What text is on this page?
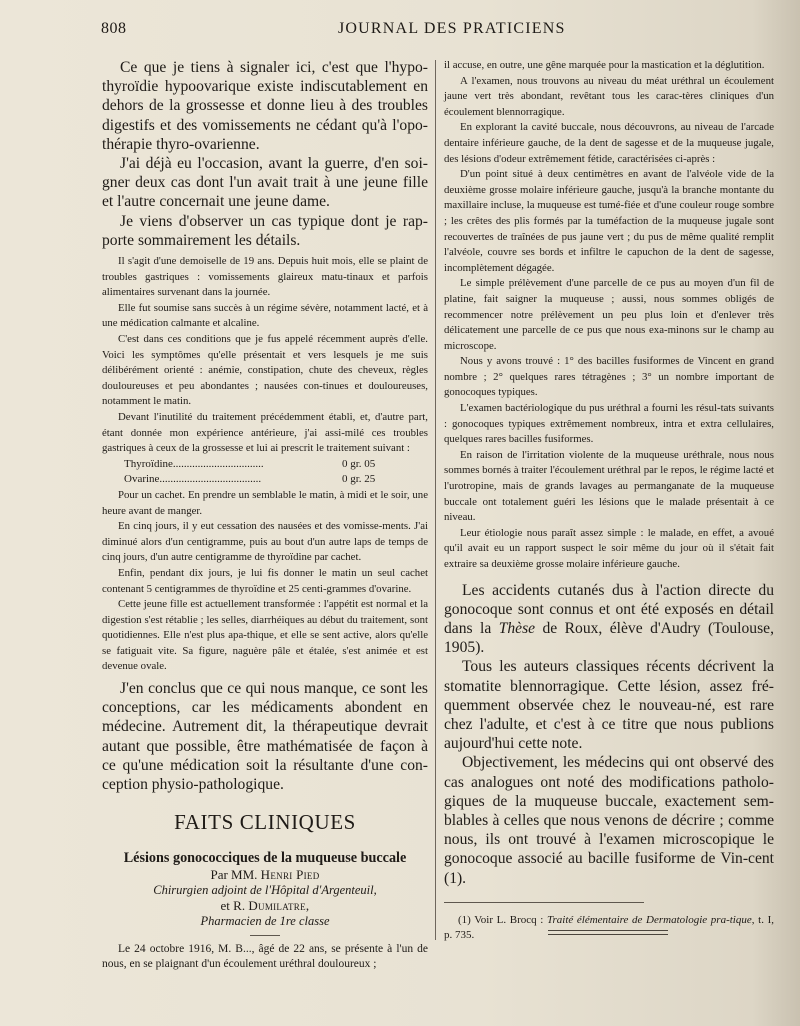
808	JOURNAL DES PRATICIENS

Ce que je tiens à signaler ici, c'est que l'hypo-thyroïdie hypoovarique existe indiscutablement en dehors de la grossesse et donne lieu à des troubles digestifs et des vomissements ne cédant qu'à l'opo-thérapie thyro-ovarienne.

J'ai déjà eu l'occasion, avant la guerre, d'en soi-gner deux cas dont l'un avait trait à une jeune fille et l'autre concernait une jeune dame.

Je viens d'observer un cas typique dont je rap-porte sommairement les détails.

Il s'agit d'une demoiselle de 19 ans. Depuis huit mois, elle se plaint de troubles gastriques : vomissements glaireux matu-tinaux et parfois alimentaires survenant dans la journée.

Elle fut soumise sans succès à un régime sévère, notamment lacté, et à une médication calmante et alcaline.

C'est dans ces conditions que je fus appelé récemment auprès d'elle. Voici les symptômes qu'elle présentait et vers lesquels je me suis délibérément orienté : anémie, constipation, chute des cheveux, règles douloureuses et peu abondantes ; nausées con-tinues et douloureuses, notamment le matin.

Devant l'inutilité du traitement précédemment établi, et, d'autre part, étant donnée mon expérience antérieure, j'ai assi-milé ces troubles gastriques à ceux de la grossesse et lui ai prescrit le traitement suivant :

Thyroïdine.................................	0 gr. 05
Ovarine.....................................	0 gr. 25

Pour un cachet. En prendre un semblable le matin, à midi et le soir, une heure avant de manger.

En cinq jours, il y eut cessation des nausées et des vomisse-ments. J'ai diminué alors d'un centigramme, puis au bout d'un autre laps de temps de cinq jours, d'un autre centigramme de thyroïdine par cachet.

Enfin, pendant dix jours, je lui fis donner le matin un seul cachet contenant 5 centigrammes de thyroïdine et 25 centi-grammes d'ovarine.

Cette jeune fille est actuellement transformée : l'appétit est normal et la digestion s'est rétablie ; les selles, diarrhéiques au début du traitement, sont quotidiennes. Elle n'est plus apa-thique, et elle se sent active, alors qu'elle se fatiguait vite. Sa figure, naguère pâle et étalée, s'est animée et est devenue ovale.

J'en conclus que ce qui nous manque, ce sont les conceptions, car les médicaments abondent en médecine. Autrement dit, la thérapeutique devrait autant que possible, être mathématisée de façon à ce qu'une médication soit la résultante d'une con-ception physio-pathologique.

FAITS CLINIQUES
Lésions gonococciques de la muqueuse buccale
Par MM. Henri Pied
Chirurgien adjoint de l'Hôpital d'Argenteuil,
et R. Dumilatre,
Pharmacien de 1re classe

Le 24 octobre 1916, M. B..., âgé de 22 ans, se présente à l'un de nous, en se plaignant d'un écoulement uréthral douloureux ;

il accuse, en outre, une gêne marquée pour la mastication et la déglutition.

A l'examen, nous trouvons au niveau du méat uréthral un écoulement jaune vert très abondant, revêtant tous les carac-tères cliniques d'un écoulement blennorragique.

En explorant la cavité buccale, nous découvrons, au niveau de l'arcade dentaire inférieure gauche, de la dent de sagesse et de la muqueuse jugale, des lésions d'odeur extrêmement fétide, caractérisées ci-après :

D'un point situé à deux centimètres en avant de l'alvéole vide de la deuxième grosse molaire inférieure gauche, jusqu'à la branche montante du maxillaire incluse, la muqueuse est tumé-fiée et d'une couleur rouge sombre ; les crêtes des plis formés par la tuméfaction de la muqueuse jugale sont recouvertes de traînées de pus jaune vert ; du pus de même qualité remplit l'alvéole, couvre ses bords et infiltre le capuchon de la dent de sagesse, incomplètement dégagée.

Le simple prélèvement d'une parcelle de ce pus au moyen d'un fil de platine, fait saigner la muqueuse ; aussi, nous sommes obligés de recommencer notre prélèvement un peu plus loin et d'enlever très délicatement une parcelle de ce pus que nous exa-minons sur le champ au microscope.

Nous y avons trouvé : 1° des bacilles fusiformes de Vincent en grand nombre ; 2° quelques rares tétragènes ; 3° un nombre important de gonocoques typiques.

L'examen bactériologique du pus uréthral a fourni les résul-tats suivants : gonocoques typiques extrêmement nombreux, intra et extra cellulaires, quelques rares bacilles fusiformes.

En raison de l'irritation violente de la muqueuse uréthrale, nous nous sommes bornés à traiter l'écoulement uréthral par le repos, le régime lacté et l'urotropine, mais de grands lavages au permanganate de la muqueuse buccale ont totalement guéri les lésions que le malade présentait à ce niveau.

Leur étiologie nous paraît assez simple : le malade, en effet, a avoué qu'il avait eu un rapport suspect le soir même du jour où il s'était fait extraire sa deuxième grosse molaire inférieure gauche.

Les accidents cutanés dus à l'action directe du gonocoque sont connus et ont été exposés en détail dans la Thèse de Roux, élève d'Audry (Toulouse, 1905).

Tous les auteurs classiques récents décrivent la stomatite blennorragique. Cette lésion, assez fré-quemment observée chez le nouveau-né, est rare chez l'adulte, et c'est à ce titre que nous publions aujourd'hui cette note.

Objectivement, les médecins qui ont observé des cas analogues ont noté des modifications patholo-giques de la muqueuse buccale, exactement sem-blables à celles que nous venons de décrire ; comme nous, ils ont trouvé à l'examen microscopique le gonocoque associé au bacille fusiforme de Vin-cent (1).

(1) Voir L. Brocq : Traité élémentaire de Dermatologie pra-tique, t. I, p. 735.
